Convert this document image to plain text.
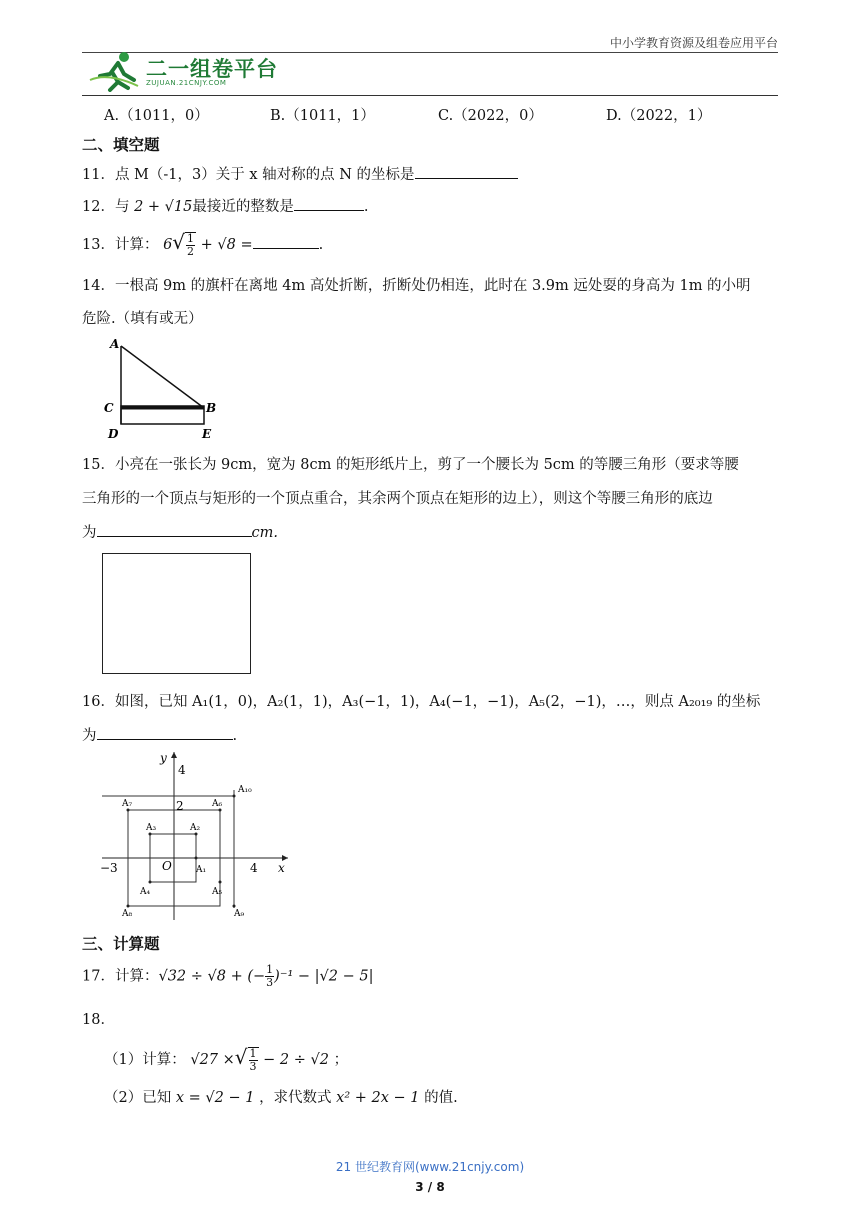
中小学教育资源及组卷应用平台
二一组卷平台
ZUJUAN.21CNJY.COM
A.（1011，0）	B.（1011，1）	C.（2022，0）	D.（2022，1）
二、填空题
11．点 M（-1，3）关于 x 轴对称的点 N 的坐标是
12．与 2 + √15最接近的整数是	.
13．计算： $6√ \frac{1}{2} + √8$ =	.
14．一根高 9m 的旗杆在离地 4m 高处折断，折断处仍相连，此时在 3.9m 远处耍的身高为 1m 的小明
危险.（填有或无）
A
B
C
D	E
15．小亮在一张长为 9cm，宽为 8cm 的矩形纸片上，剪了一个腰长为 5cm 的等腰三角形（要求等腰
三角形的一个顶点与矩形的一个顶点重合，其余两个顶点在矩形的边上），则这个等腰三角形的底边
为	cm.
16．如图，已知 A₁(1，0)，A₂(1，1)，A₃(−1，1)，A₄(−1，−1)，A₅(2，−1)，…，则点 A₂₀₁₉ 的坐标
为	.
y
x
4
2
−3	4
O	A₁
A₂
A₃
A₄	A₅
A₆
A₇
A₈	A₉
A₁₀
三、计算题
17．计算：√32 ÷ √8 + (− $\frac{1}{3} )^{-1} - |√2 - 5|$
18．
（1）计算： √27 ×√ $\frac{1}{3} - 2 \div √2$ ；
（2）已知 x = √2 − 1 ，求代数式 x² + 2x − 1 的值.
21 世纪教育网(www.21cnjy.com)
3 / 8
